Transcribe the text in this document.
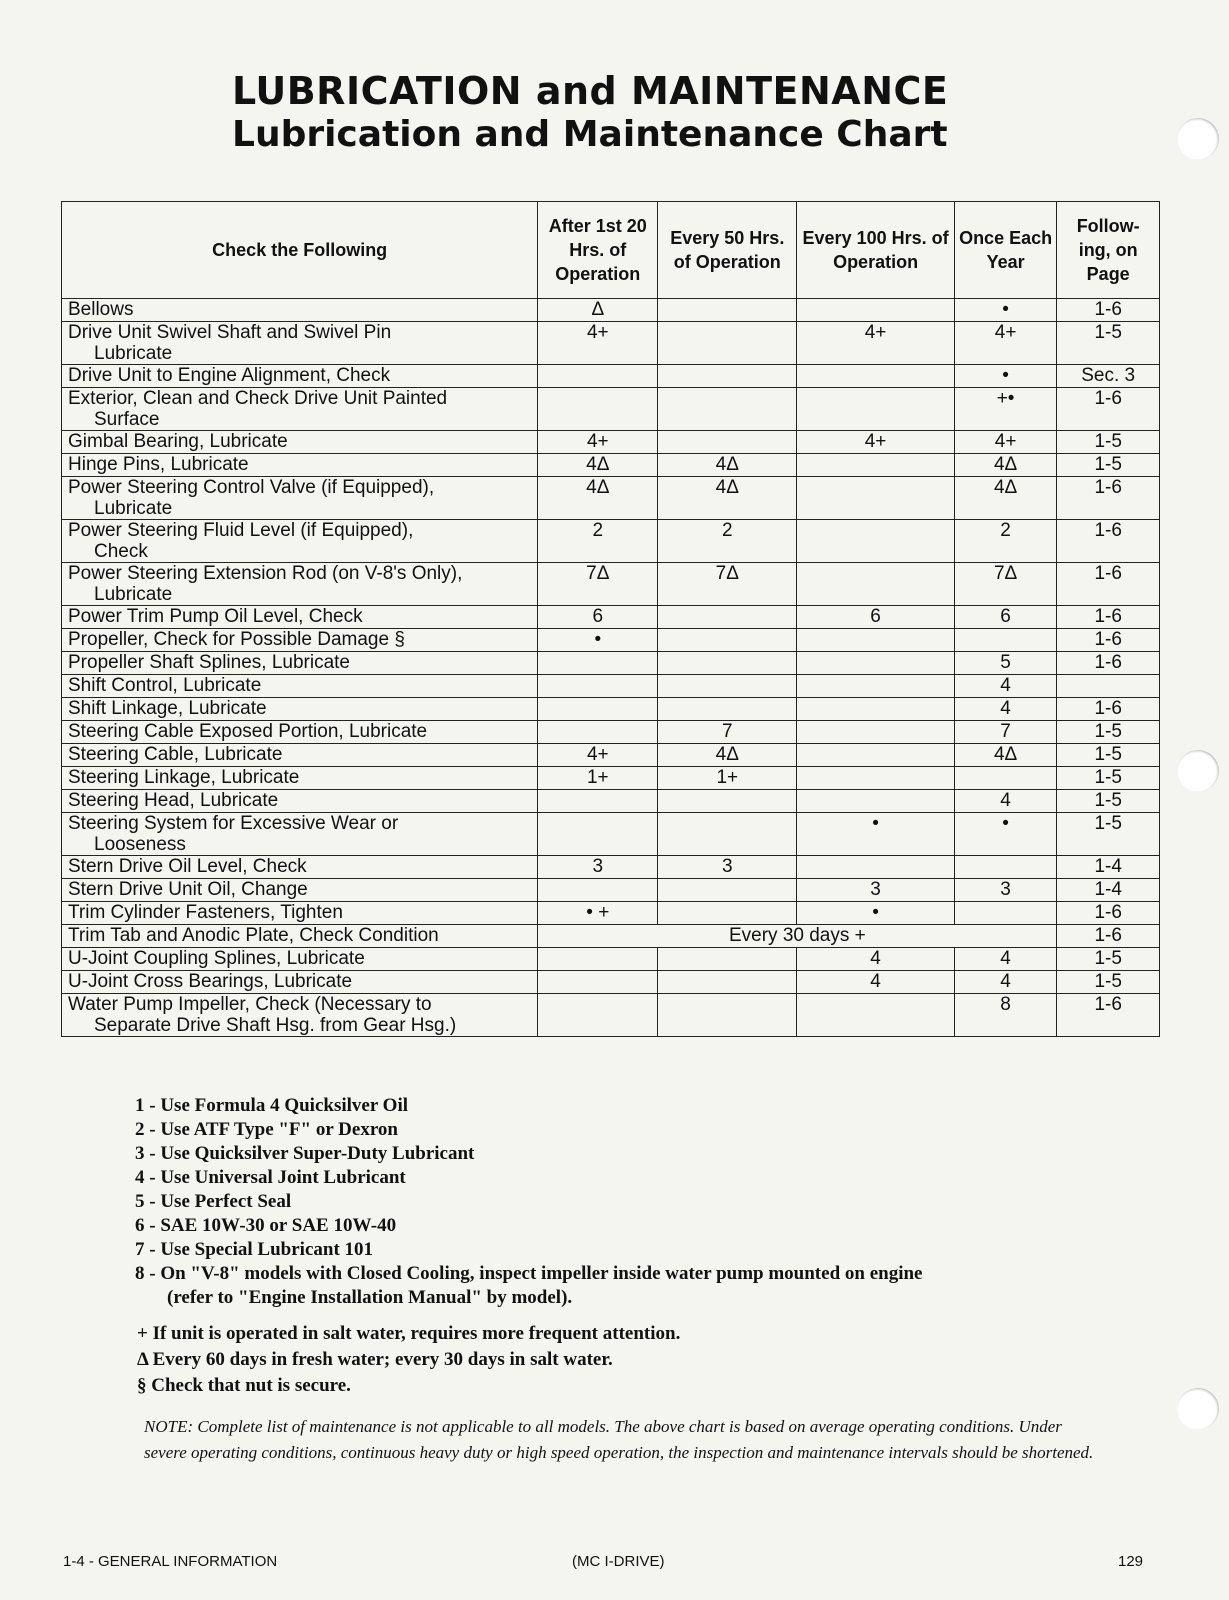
LUBRICATION and MAINTENANCE
Lubrication and Maintenance Chart
Check the Following	After 1st 20 Hrs. of Operation	Every 50 Hrs. of Operation	Every 100 Hrs. of Operation	Once Each Year	Follow-ing, on Page
Bellows	Δ			•	1-6
Drive Unit Swivel Shaft and Swivel Pin
Lubricate	4+		4+	4+	1-5
Drive Unit to Engine Alignment, Check				•	Sec. 3
Exterior, Clean and Check Drive Unit Painted
Surface				+•	1-6
Gimbal Bearing, Lubricate	4+		4+	4+	1-5
Hinge Pins, Lubricate	4Δ	4Δ		4Δ	1-5
Power Steering Control Valve (if Equipped),
Lubricate	4Δ	4Δ		4Δ	1-6
Power Steering Fluid Level (if Equipped),
Check	2	2		2	1-6
Power Steering Extension Rod (on V-8's Only),
Lubricate	7Δ	7Δ		7Δ	1-6
Power Trim Pump Oil Level, Check	6		6	6	1-6
Propeller, Check for Possible Damage §	•				1-6
Propeller Shaft Splines, Lubricate				5	1-6
Shift Control, Lubricate				4	
Shift Linkage, Lubricate				4	1-6
Steering Cable Exposed Portion, Lubricate		7		7	1-5
Steering Cable, Lubricate	4+	4Δ		4Δ	1-5
Steering Linkage, Lubricate	1+	1+			1-5
Steering Head, Lubricate				4	1-5
Steering System for Excessive Wear or
Looseness			•	•	1-5
Stern Drive Oil Level, Check	3	3			1-4
Stern Drive Unit Oil, Change			3	3	1-4
Trim Cylinder Fasteners, Tighten	• +		•		1-6
Trim Tab and Anodic Plate, Check Condition	Every 30 days +				1-6
U-Joint Coupling Splines, Lubricate			4	4	1-5
U-Joint Cross Bearings, Lubricate			4	4	1-5
Water Pump Impeller, Check (Necessary to
Separate Drive Shaft Hsg. from Gear Hsg.)				8	1-6
1 - Use Formula 4 Quicksilver Oil
2 - Use ATF Type "F" or Dexron
3 - Use Quicksilver Super-Duty Lubricant
4 - Use Universal Joint Lubricant
5 - Use Perfect Seal
6 - SAE 10W-30 or SAE 10W-40
7 - Use Special Lubricant 101
8 - On "V-8" models with Closed Cooling, inspect impeller inside water pump mounted on engine
(refer to "Engine Installation Manual" by model).
+ If unit is operated in salt water, requires more frequent attention.
Δ Every 60 days in fresh water; every 30 days in salt water.
§ Check that nut is secure.

NOTE: Complete list of maintenance is not applicable to all models. The above chart is based on average operating conditions. Under severe operating conditions, continuous heavy duty or high speed operation, the inspection and maintenance intervals should be shortened.

1-4 - GENERAL INFORMATION	(MC I-DRIVE)	129
